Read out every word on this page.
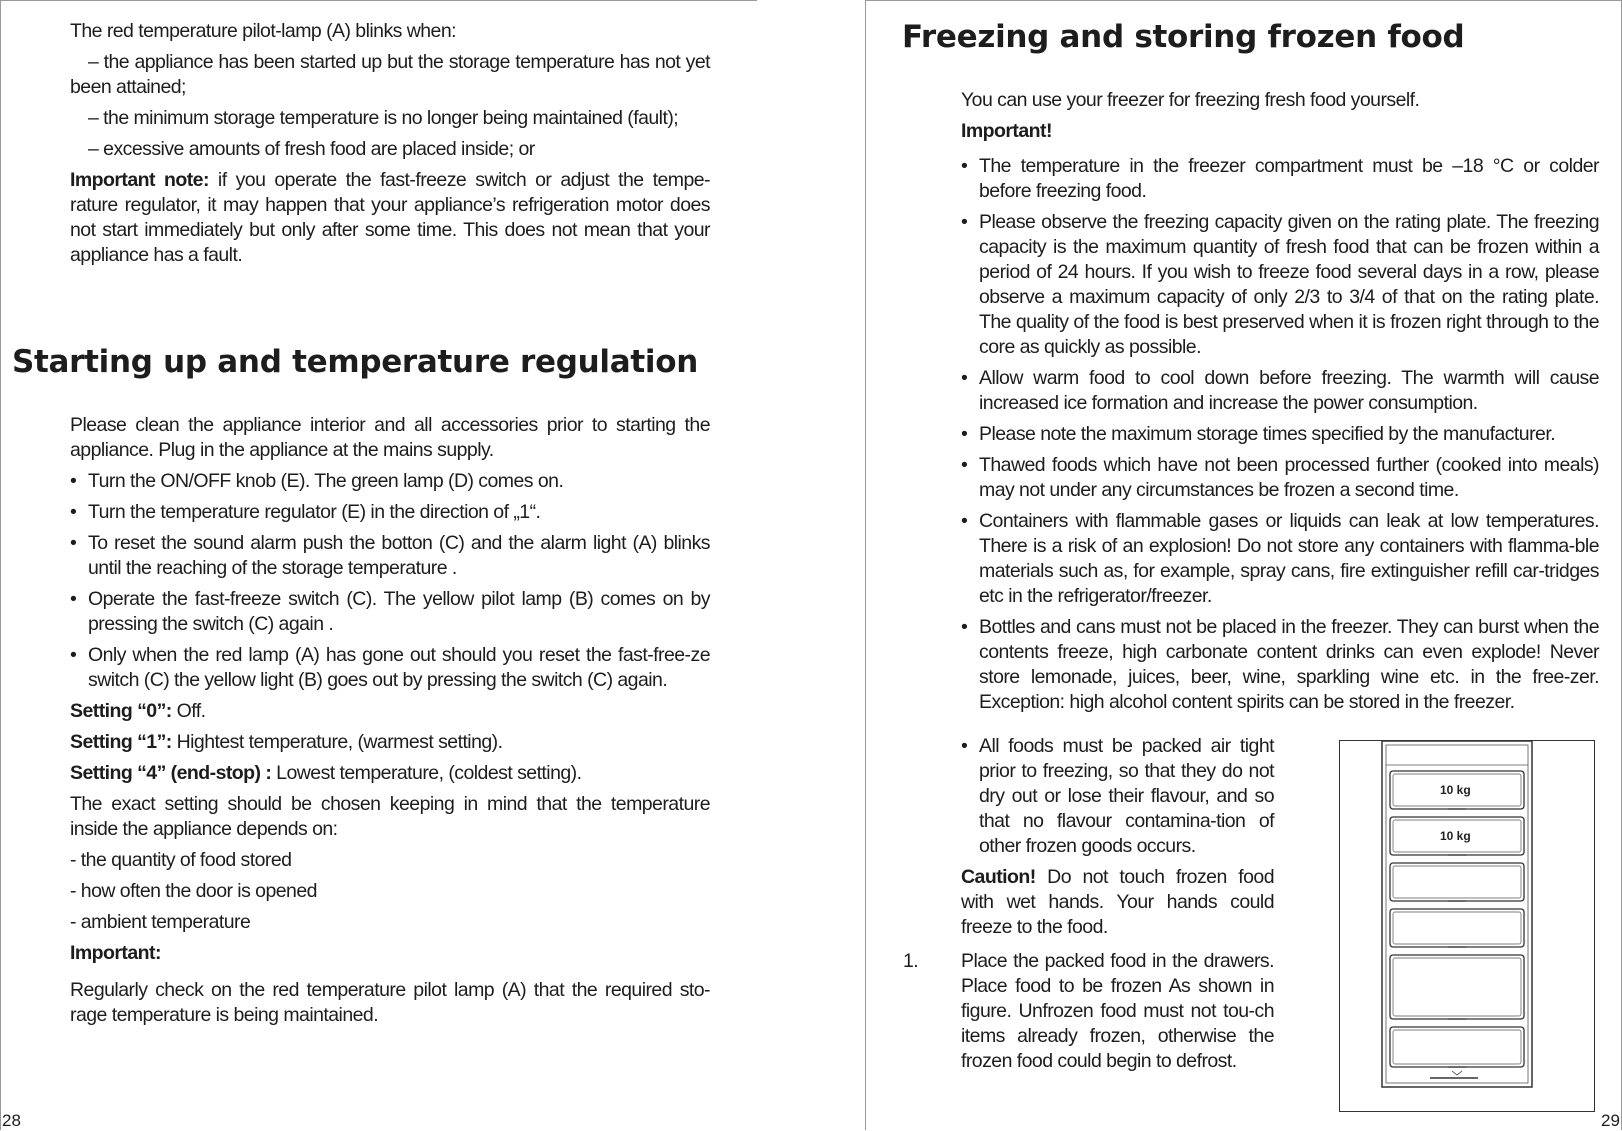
The red temperature pilot-lamp (A) blinks when:

– the appliance has been started up but the storage temperature has not yet been attained;

– the minimum storage temperature is no longer being maintained (fault);

– excessive amounts of fresh food are placed inside; or

Important note: if you operate the fast-freeze switch or adjust the tempe-rature regulator, it may happen that your appliance’s refrigeration motor does not start immediately but only after some time. This does not mean that your appliance has a fault.

Starting up and temperature regulation

Please clean the appliance interior and all accessories prior to starting the appliance. Plug in the appliance at the mains supply.

• Turn the ON/OFF knob (E). The green lamp (D) comes on.
• Turn the temperature regulator (E) in the direction of „1“.
• To reset the sound alarm push the botton (C) and the alarm light (A) blinks until the reaching of the storage temperature .
• Operate the fast-freeze switch (C). The yellow pilot lamp (B) comes on by pressing the switch (C) again .
• Only when the red lamp (A) has gone out should you reset the fast-free-ze switch (C) the yellow light (B) goes out by pressing the switch (C) again.

Setting “0”: Off.

Setting “1”: Hightest temperature, (warmest setting).

Setting “4” (end-stop) : Lowest temperature, (coldest setting).

The exact setting should be chosen keeping in mind that the temperature inside the appliance depends on:

- the quantity of food stored

- how often the door is opened

- ambient temperature

Important:

Regularly check on the red temperature pilot lamp (A) that the required sto-rage temperature is being maintained.

28
Freezing and storing frozen food

You can use your freezer for freezing fresh food yourself.

Important!

• The temperature in the freezer compartment must be –18 °C or colder before freezing food.
• Please observe the freezing capacity given on the rating plate. The freezing capacity is the maximum quantity of fresh food that can be frozen within a period of 24 hours. If you wish to freeze food several days in a row, please observe a maximum capacity of only 2/3 to 3/4 of that on the rating plate. The quality of the food is best preserved when it is frozen right through to the core as quickly as possible.
• Allow warm food to cool down before freezing. The warmth will cause increased ice formation and increase the power consumption.
• Please note the maximum storage times specified by the manufacturer.
• Thawed foods which have not been processed further (cooked into meals) may not under any circumstances be frozen a second time.
• Containers with flammable gases or liquids can leak at low temperatures. There is a risk of an explosion! Do not store any containers with flamma-ble materials such as, for example, spray cans, fire extinguisher refill car-tridges etc in the refrigerator/freezer.
• Bottles and cans must not be placed in the freezer. They can burst when the contents freeze, high carbonate content drinks can even explode! Never store lemonade, juices, beer, wine, sparkling wine etc. in the free-zer. Exception: high alcohol content spirits can be stored in the freezer.
• All foods must be packed air tight prior to freezing, so that they do not dry out or lose their flavour, and so that no flavour contamina-tion of other frozen goods occurs.

Caution! Do not touch frozen food with wet hands. Your hands could freeze to the food.

1. Place the packed food in the drawers. Place food to be frozen As shown in figure. Unfrozen food must not tou-ch items already frozen, otherwise the frozen food could begin to defrost.
10 kg
10 kg
29
